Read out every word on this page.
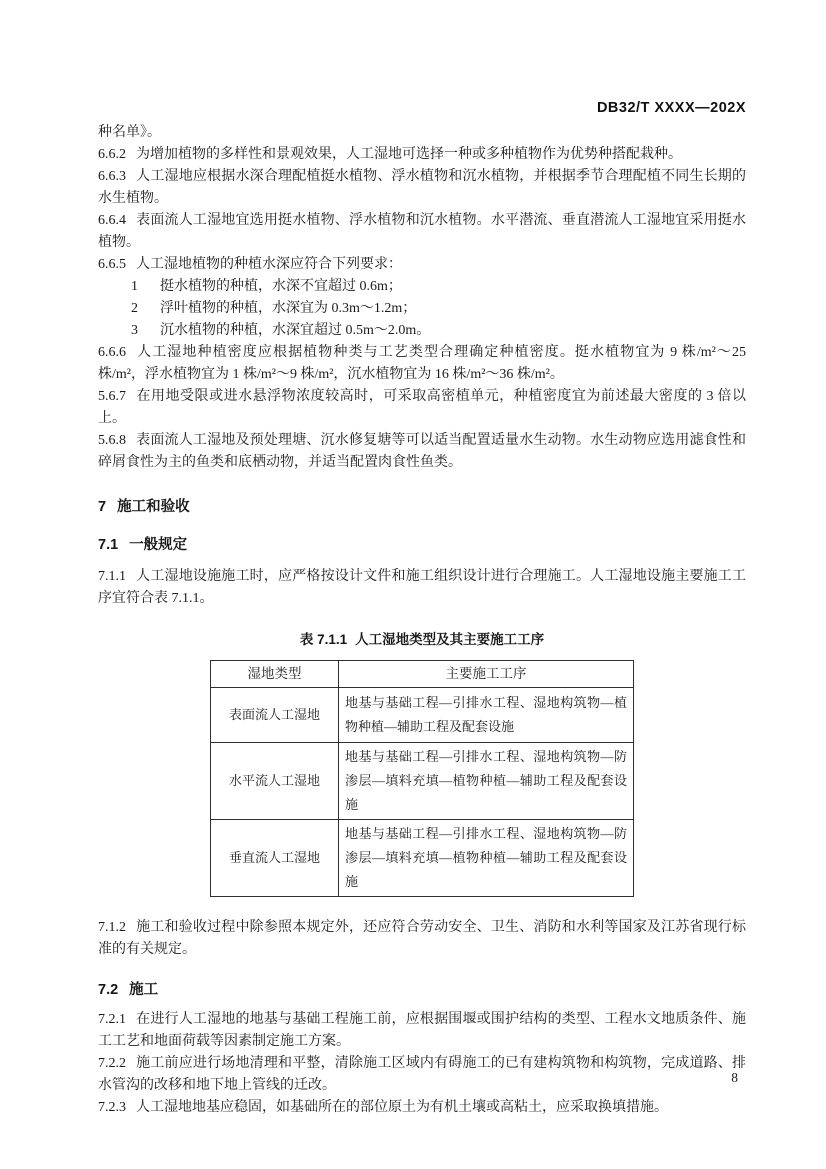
DB32/T XXXX—202X

种名单》。

6.6.2 为增加植物的多样性和景观效果，人工湿地可选择一种或多种植物作为优势种搭配栽种。

6.6.3 人工湿地应根据水深合理配植挺水植物、浮水植物和沉水植物，并根据季节合理配植不同生长期的水生植物。

6.6.4 表面流人工湿地宜选用挺水植物、浮水植物和沉水植物。水平潜流、垂直潜流人工湿地宜采用挺水植物。

6.6.5 人工湿地植物的种植水深应符合下列要求：

1 挺水植物的种植，水深不宜超过 0.6m；
2 浮叶植物的种植，水深宜为 0.3m～1.2m；
3 沉水植物的种植，水深宜超过 0.5m～2.0m。

6.6.6 人工湿地种植密度应根据植物种类与工艺类型合理确定种植密度。挺水植物宜为 9 株/m²～25 株/m²，浮水植物宜为 1 株/m²～9 株/m²，沉水植物宜为 16 株/m²～36 株/m²。

5.6.7 在用地受限或进水悬浮物浓度较高时，可采取高密植单元，种植密度宜为前述最大密度的 3 倍以上。

5.6.8 表面流人工湿地及预处理塘、沉水修复塘等可以适当配置适量水生动物。水生动物应选用滤食性和碎屑食性为主的鱼类和底栖动物，并适当配置肉食性鱼类。

7 施工和验收
7.1 一般规定

7.1.1 人工湿地设施施工时，应严格按设计文件和施工组织设计进行合理施工。人工湿地设施主要施工工序宜符合表 7.1.1。

表 7.1.1 人工湿地类型及其主要施工工序
湿地类型	主要施工工序
表面流人工湿地	地基与基础工程—引排水工程、湿地构筑物—植物种植—辅助工程及配套设施
水平流人工湿地	地基与基础工程—引排水工程、湿地构筑物—防渗层—填料充填—植物种植—辅助工程及配套设施
垂直流人工湿地	地基与基础工程—引排水工程、湿地构筑物—防渗层—填料充填—植物种植—辅助工程及配套设施

7.1.2 施工和验收过程中除参照本规定外，还应符合劳动安全、卫生、消防和水利等国家及江苏省现行标准的有关规定。

7.2 施工

7.2.1 在进行人工湿地的地基与基础工程施工前，应根据围堰或围护结构的类型、工程水文地质条件、施工工艺和地面荷载等因素制定施工方案。

7.2.2 施工前应进行场地清理和平整，清除施工区域内有碍施工的已有建构筑物和构筑物，完成道路、排水管沟的改移和地下地上管线的迁改。

7.2.3 人工湿地地基应稳固，如基础所在的部位原土为有机土壤或高粘土，应采取换填措施。

8
